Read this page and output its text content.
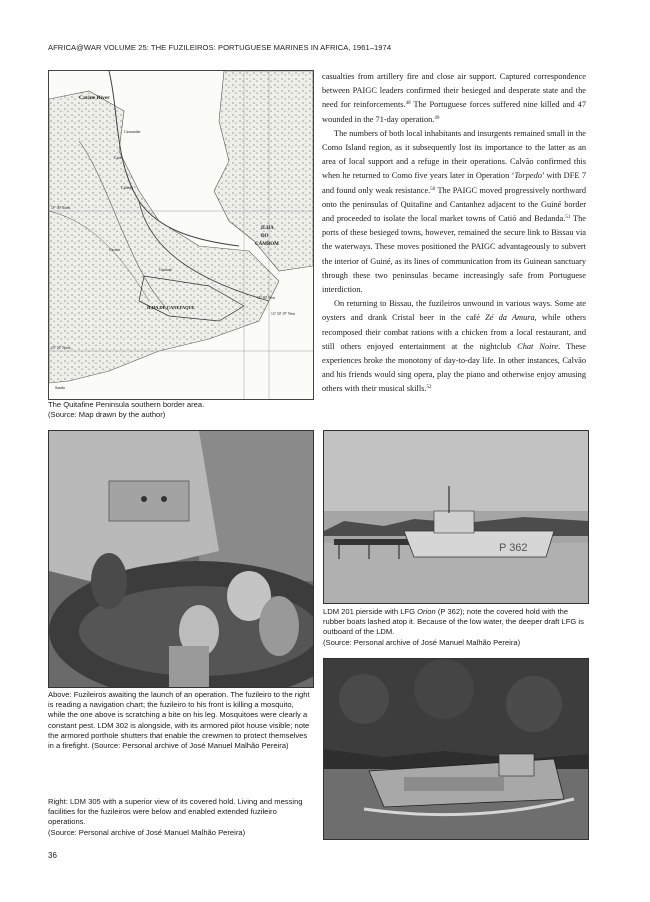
AFRICA@WAR VOLUME 25: THE FUZILEIROS: PORTUGUESE MARINES IN AFRICA, 1961–1974
Cacine River
Cassumbe
Catió
Cabedú
Cacine
Ganturé
Sanda
ILHA DE CANEFAQUE
ILHA
DO
CAMBOM
11° 00' North
10° 50' North
15° 00' West
14° 50' 19" West
The Quitafine Peninsula southern border area.
(Source: Map drawn by the author)

casualties from artillery fire and close air support. Captured correspondence between PAIGC leaders confirmed their besieged and desperate state and the need for reinforcements.$^{48}$ The Portuguese forces suffered nine killed and 47 wounded in the 71-day operation.$^{49}$

The numbers of both local inhabitants and insurgents remained small in the Como Island region, as it subsequently lost its importance to the latter as an area of local support and a refuge in their operations. Calvão confirmed this when he returned to Como five years later in Operation ‘Torpedo’ with DFE 7 and found only weak resistance.$^{50}$ The PAIGC moved progressively northward onto the peninsulas of Quitafine and Cantanhez adjacent to the Guiné border and proceeded to isolate the local market towns of Catió and Bedanda.$^{51}$ The ports of these besieged towns, however, remained the secure link to Bissau via the waterways. These moves positioned the PAIGC advantageously to subvert the interior of Guiné, as its lines of communication from its Guinean sanctuary through these two peninsulas became increasingly safe from Portuguese interdiction.

On returning to Bissau, the fuzileiros unwound in various ways. Some ate oysters and drank Cristal beer in the café Zé da Amura, while others recomposed their combat rations with a chicken from a local restaurant, and still others enjoyed entertainment at the nightclub Chat Noire. These experiences broke the monotony of day-to-day life. In other instances, Calvão and his friends would sing opera, play the piano and otherwise enjoy amusing others with their musical skills.$^{52}$

Above: Fuzileiros awaiting the launch of an operation. The fuzileiro to the right is reading a navigation chart; the fuzileiro to his front is killing a mosquito, while the one above is scratching a bite on his leg. Mosquitoes were clearly a constant pest. LDM 302 is alongside, with its armored pilot house visible; note the armored porthole shutters that enable the crewmen to protect themselves in a firefight. (Source: Personal archive of José Manuel Malhão Pereira)
P 362
LDM 201 pierside with LFG Orion (P 362); note the covered hold with the rubber boats lashed atop it. Because of the low water, the deeper draft LFG is outboard of the LDM.
(Source: Personal archive of José Manuel Malhão Pereira)
Right: LDM 305 with a superior view of its covered hold. Living and messing facilities for the fuzileiros were below and enabled extended fuzileiro operations.
(Source: Personal archive of José Manuel Malhão Pereira)
36
